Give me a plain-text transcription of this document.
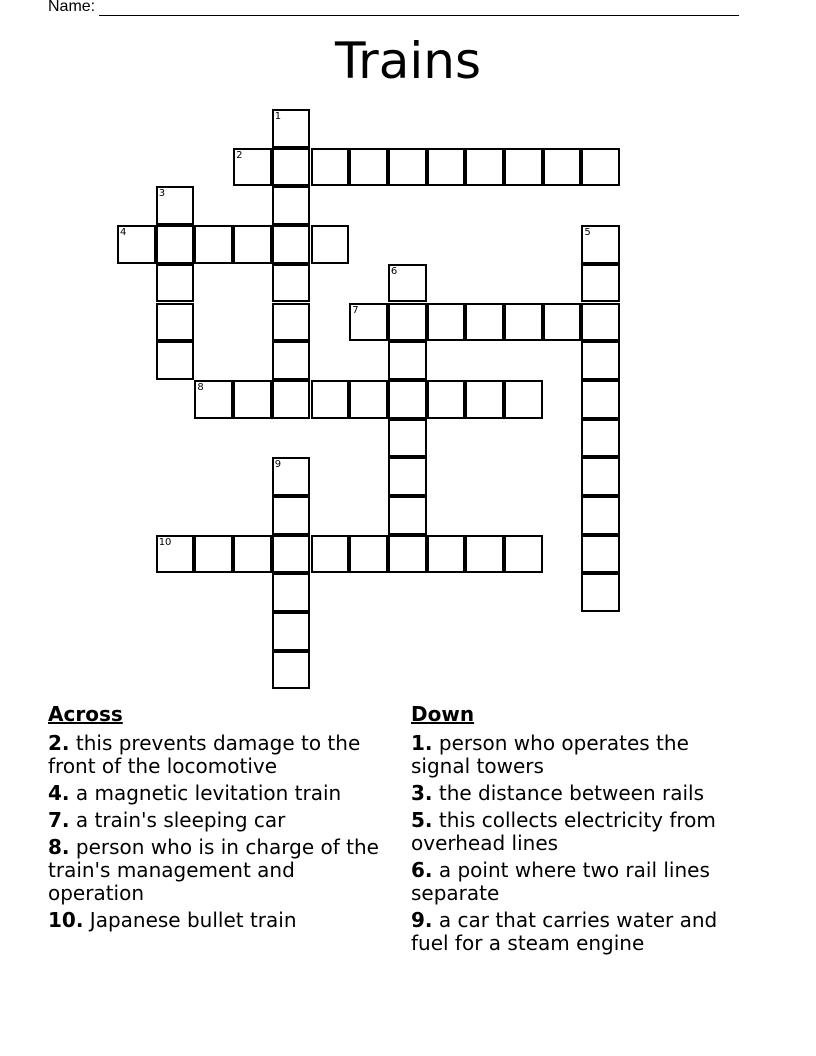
Name:
Trains
1
2
3
4	5
6
7
8
9
10
Across
2. this prevents damage to the front of the locomotive
4. a magnetic levitation train
7. a train's sleeping car
8. person who is in charge of the train's management and operation
10. Japanese bullet train
Down
1. person who operates the signal towers
3. the distance between rails
5. this collects electricity from overhead lines
6. a point where two rail lines separate
9. a car that carries water and fuel for a steam engine
